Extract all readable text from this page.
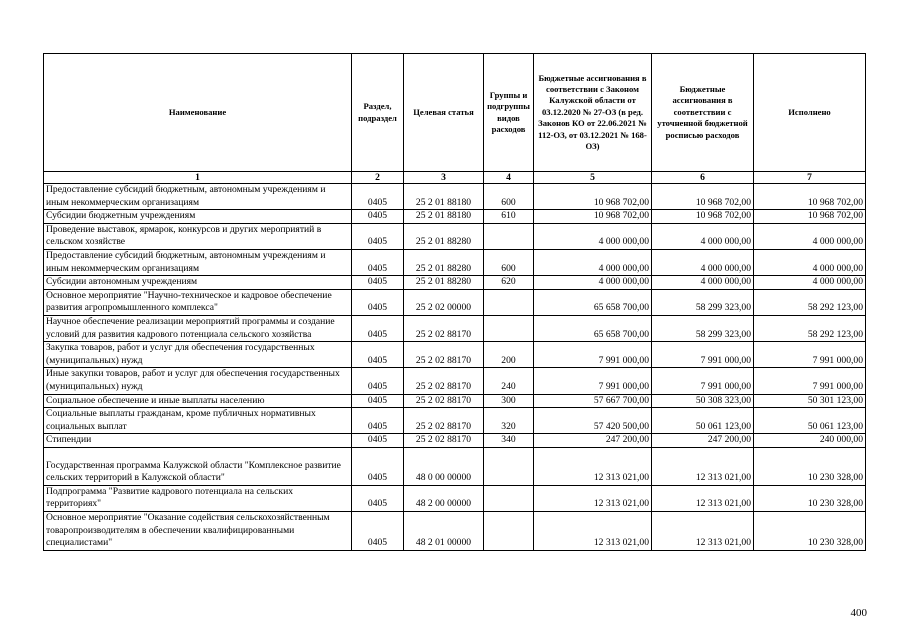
Наименование	Раздел, подраздел	Целевая статья	Группы и подгруппы видов расходов	Бюджетные ассигнования в соответствии с Законом Калужской области от 03.12.2020 № 27-ОЗ (в ред. Законов КО от 22.06.2021 № 112-ОЗ, от 03.12.2021 № 168-ОЗ)	Бюджетные ассигнования в соответствии с уточненной бюджетной росписью расходов	Исполнено
1	2	3	4	5	6	7
Предоставление субсидий бюджетным, автономным учреждениям и иным некоммерческим организациям	0405	25 2 01 88180	600	10 968 702,00	10 968 702,00	10 968 702,00
Субсидии бюджетным учреждениям	0405	25 2 01 88180	610	10 968 702,00	10 968 702,00	10 968 702,00
Проведение выставок, ярмарок, конкурсов и других мероприятий в сельском хозяйстве	0405	25 2 01 88280		4 000 000,00	4 000 000,00	4 000 000,00
Предоставление субсидий бюджетным, автономным учреждениям и иным некоммерческим организациям	0405	25 2 01 88280	600	4 000 000,00	4 000 000,00	4 000 000,00
Субсидии автономным учреждениям	0405	25 2 01 88280	620	4 000 000,00	4 000 000,00	4 000 000,00
Основное мероприятие "Научно-техническое и кадровое обеспечение развития агропромышленного комплекса"	0405	25 2 02 00000		65 658 700,00	58 299 323,00	58 292 123,00
Научное обеспечение реализации мероприятий программы и создание условий для развития кадрового потенциала сельского хозяйства	0405	25 2 02 88170		65 658 700,00	58 299 323,00	58 292 123,00
Закупка товаров, работ и услуг для обеспечения государственных (муниципальных) нужд	0405	25 2 02 88170	200	7 991 000,00	7 991 000,00	7 991 000,00
Иные закупки товаров, работ и услуг для обеспечения государственных (муниципальных) нужд	0405	25 2 02 88170	240	7 991 000,00	7 991 000,00	7 991 000,00
Социальное обеспечение и иные выплаты населению	0405	25 2 02 88170	300	57 667 700,00	50 308 323,00	50 301 123,00
Социальные выплаты гражданам, кроме публичных нормативных социальных выплат	0405	25 2 02 88170	320	57 420 500,00	50 061 123,00	50 061 123,00
Стипендии	0405	25 2 02 88170	340	247 200,00	247 200,00	240 000,00
Государственная программа Калужской области "Комплексное развитие сельских территорий в Калужской области"	0405	48 0 00 00000		12 313 021,00	12 313 021,00	10 230 328,00
Подпрограмма "Развитие кадрового потенциала на сельских территориях"	0405	48 2 00 00000		12 313 021,00	12 313 021,00	10 230 328,00
Основное мероприятие "Оказание содействия сельскохозяйственным товаропроизводителям в обеспечении квалифицированными специалистами"	0405	48 2 01 00000		12 313 021,00	12 313 021,00	10 230 328,00
400
